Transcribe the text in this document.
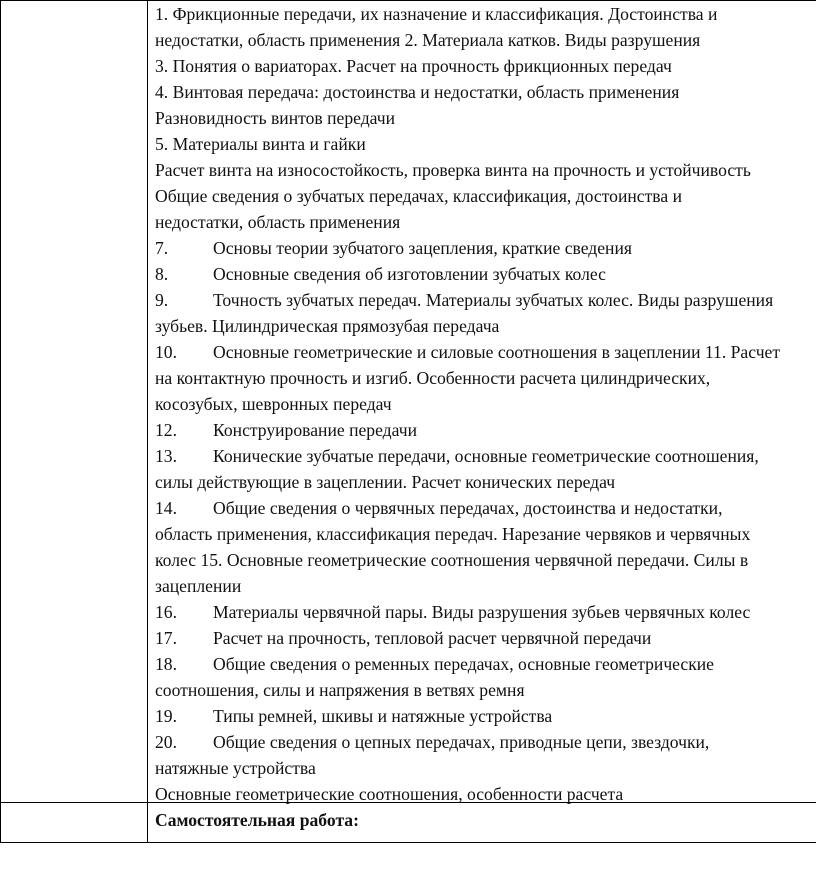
1. Фрикционные передачи, их назначение и классификация. Достоинства и
недостатки, область применения 2. Материала катков. Виды разрушения
3. Понятия о вариаторах. Расчет на прочность фрикционных передач
4. Винтовая передача: достоинства и недостатки, область применения
Разновидность винтов передачи
5. Материалы винта и гайки
Расчет винта на износостойкость, проверка винта на прочность и устойчивость
Общие сведения о зубчатых передачах, классификация, достоинства и
недостатки, область применения
7.	Основы теории зубчатого зацепления, краткие сведения
8.	Основные сведения об изготовлении зубчатых колес
9.	Точность зубчатых передач. Материалы зубчатых колес. Виды разрушения
зубьев. Цилиндрическая прямозубая передача
10. Основные геометрические и силовые соотношения в зацеплении 11. Расчет
на контактную прочность и изгиб. Особенности расчета цилиндрических,
косозубых, шевронных передач
12. Конструирование передачи
13. Конические зубчатые передачи, основные геометрические соотношения,
силы действующие в зацеплении. Расчет конических передач
14. Общие сведения о червячных передачах, достоинства и недостатки,
область применения, классификация передач. Нарезание червяков и червячных
колес 15. Основные геометрические соотношения червячной передачи. Силы в
зацеплении
16. Материалы червячной пары. Виды разрушения зубьев червячных колес
17. Расчет на прочность, тепловой расчет червячной передачи
18. Общие сведения о ременных передачах, основные геометрические
соотношения, силы и напряжения в ветвях ремня
19. Типы ремней, шкивы и натяжные устройства
20. Общие сведения о цепных передачах, приводные цепи, звездочки,
натяжные устройства
Основные геометрические соотношения, особенности расчета
Самостоятельная работа:
